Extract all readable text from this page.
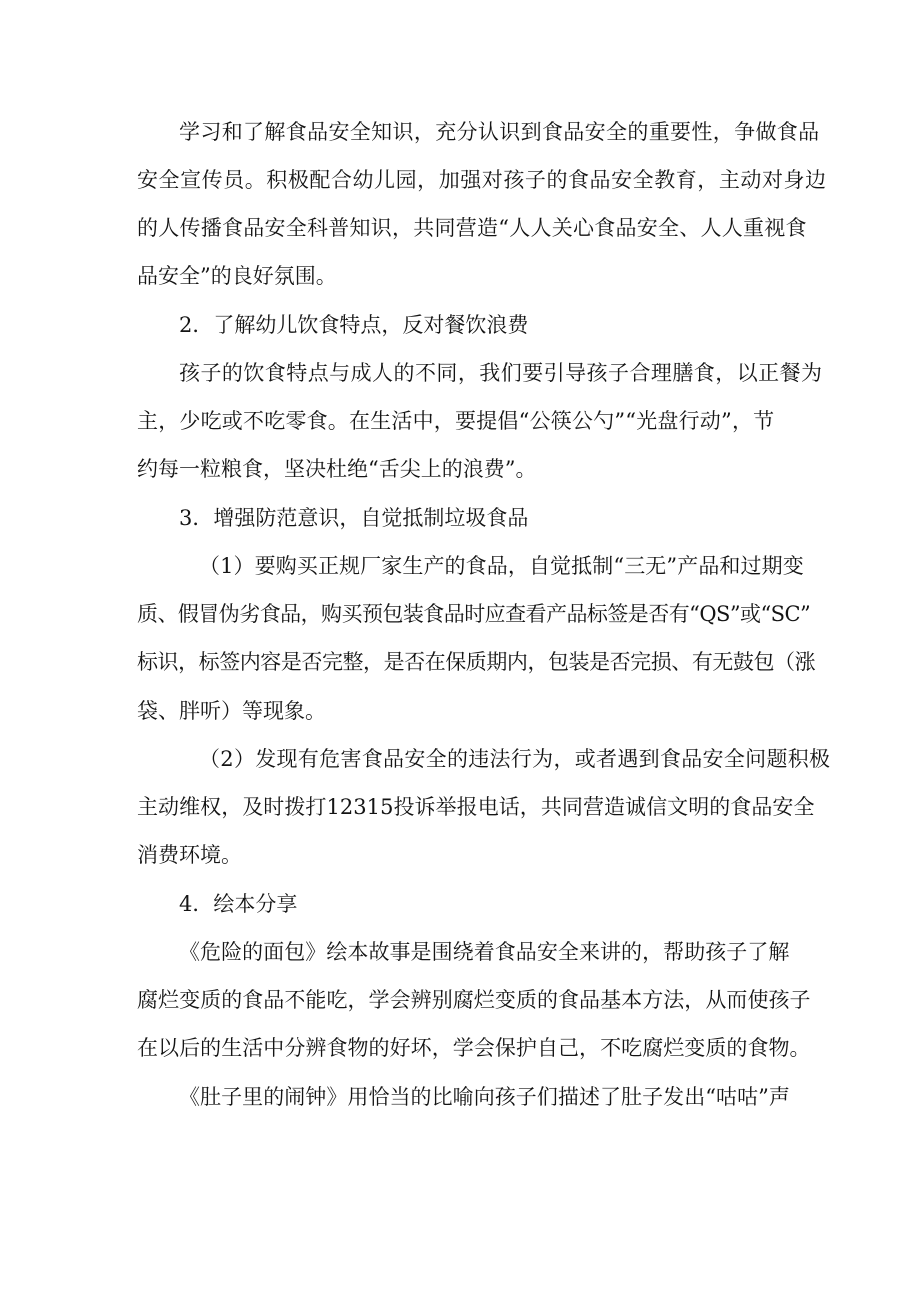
学习和了解食品安全知识，充分认识到食品安全的重要性，争做食品

安全宣传员。积极配合幼儿园，加强对孩子的食品安全教育，主动对身边

的人传播食品安全科普知识，共同营造“人人关心食品安全、人人重视食

品安全”的良好氛围。

2．了解幼儿饮食特点，反对餐饮浪费

孩子的饮食特点与成人的不同，我们要引导孩子合理膳食，以正餐为

主，少吃或不吃零食。在生活中，要提倡“公筷公勺”“光盘行动”，节

约每一粒粮食，坚决杜绝“舌尖上的浪费”。

3．增强防范意识，自觉抵制垃圾食品

（1）要购买正规厂家生产的食品，自觉抵制“三无”产品和过期变

质、假冒伪劣食品，购买预包装食品时应查看产品标签是否有“QS”或“SC”

标识，标签内容是否完整，是否在保质期内，包装是否完损、有无鼓包（涨

袋、胖听）等现象。

（2）发现有危害食品安全的违法行为，或者遇到食品安全问题积极

主动维权，及时拨打12315投诉举报电话，共同营造诚信文明的食品安全

消费环境。

4．绘本分享

《危险的面包》绘本故事是围绕着食品安全来讲的，帮助孩子了解

腐烂变质的食品不能吃，学会辨别腐烂变质的食品基本方法，从而使孩子

在以后的生活中分辨食物的好坏，学会保护自己，不吃腐烂变质的食物。

《肚子里的闹钟》用恰当的比喻向孩子们描述了肚子发出“咕咕”声
